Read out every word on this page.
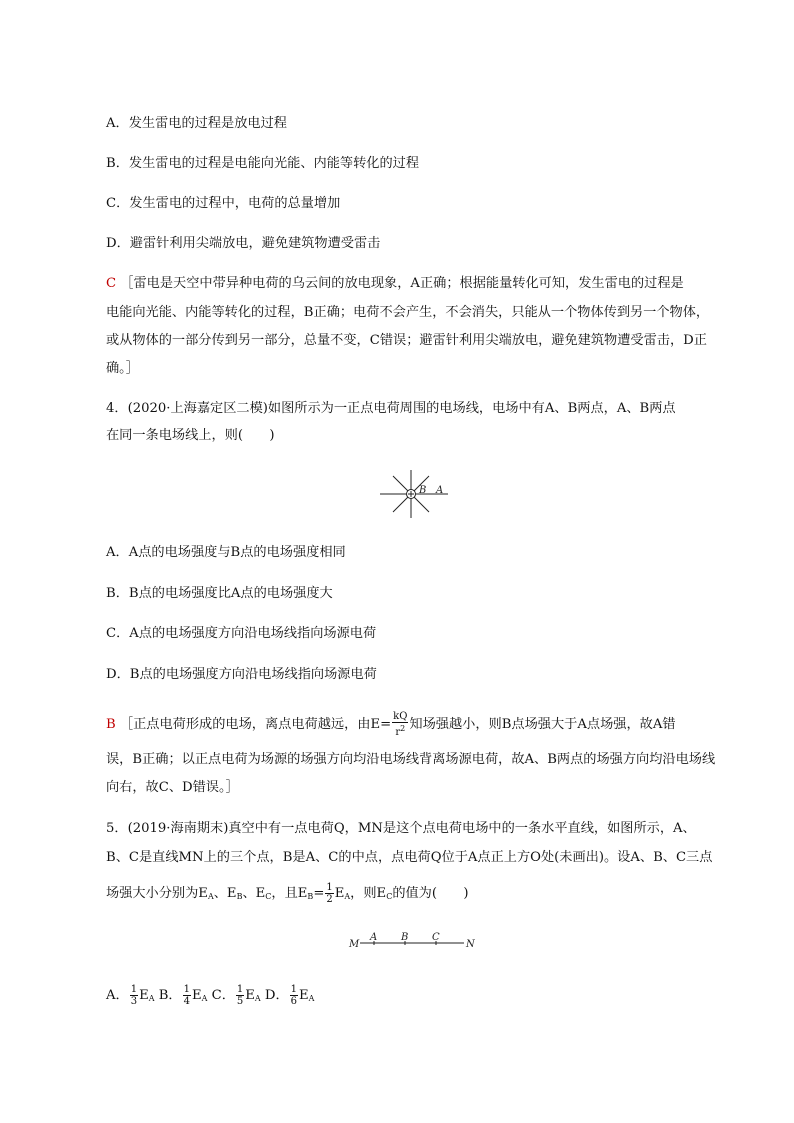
A．发生雷电的过程是放电过程
B．发生雷电的过程是电能向光能、内能等转化的过程
C．发生雷电的过程中，电荷的总量增加
D．避雷针利用尖端放电，避免建筑物遭受雷击
C ［雷电是天空中带异种电荷的乌云间的放电现象，A正确；根据能量转化可知，发生雷电的过程是
电能向光能、内能等转化的过程，B正确；电荷不会产生，不会消失，只能从一个物体传到另一个物体，
或从物体的一部分传到另一部分，总量不变，C错误；避雷针利用尖端放电，避免建筑物遭受雷击，D正
确。］
4．(2020·上海嘉定区二模)如图所示为一正点电荷周围的电场线，电场中有A、B两点，A、B两点
在同一条电场线上，则(　　)
B A
A．A点的电场强度与B点的电场强度相同
B．B点的电场强度比A点的电场强度大
C．A点的电场强度方向沿电场线指向场源电荷
D．B点的电场强度方向沿电场线指向场源电荷
B ［正点电荷形成的电场，离点电荷越远，由$E= \frac{kQ}{r^2}$ 知场强越小，则B点场强大于A点场强，故A错
误，B正确；以正点电荷为场源的场强方向均沿电场线背离场源电荷，故A、B两点的场强方向均沿电场线
向右，故C、D错误。］
5．(2019·海南期末)真空中有一点电荷Q，MN是这个点电荷电场中的一条水平直线，如图所示，A、
B、C是直线MN上的三个点，B是A、C的中点，点电荷Q位于A点正上方O处(未画出)。设A、B、C三点
场强大小分别为$E_A$、$E_B$、$E_C$，且$E_B= \frac{1}{2} E_A$，则$E_C$的值为(　　)
M
A B C
N
A． $\frac{1}{3} E_A$ B． $\frac{1}{4} E_A$ C． $\frac{1}{5} E_A$ D． $\frac{1}{6} E_A$
